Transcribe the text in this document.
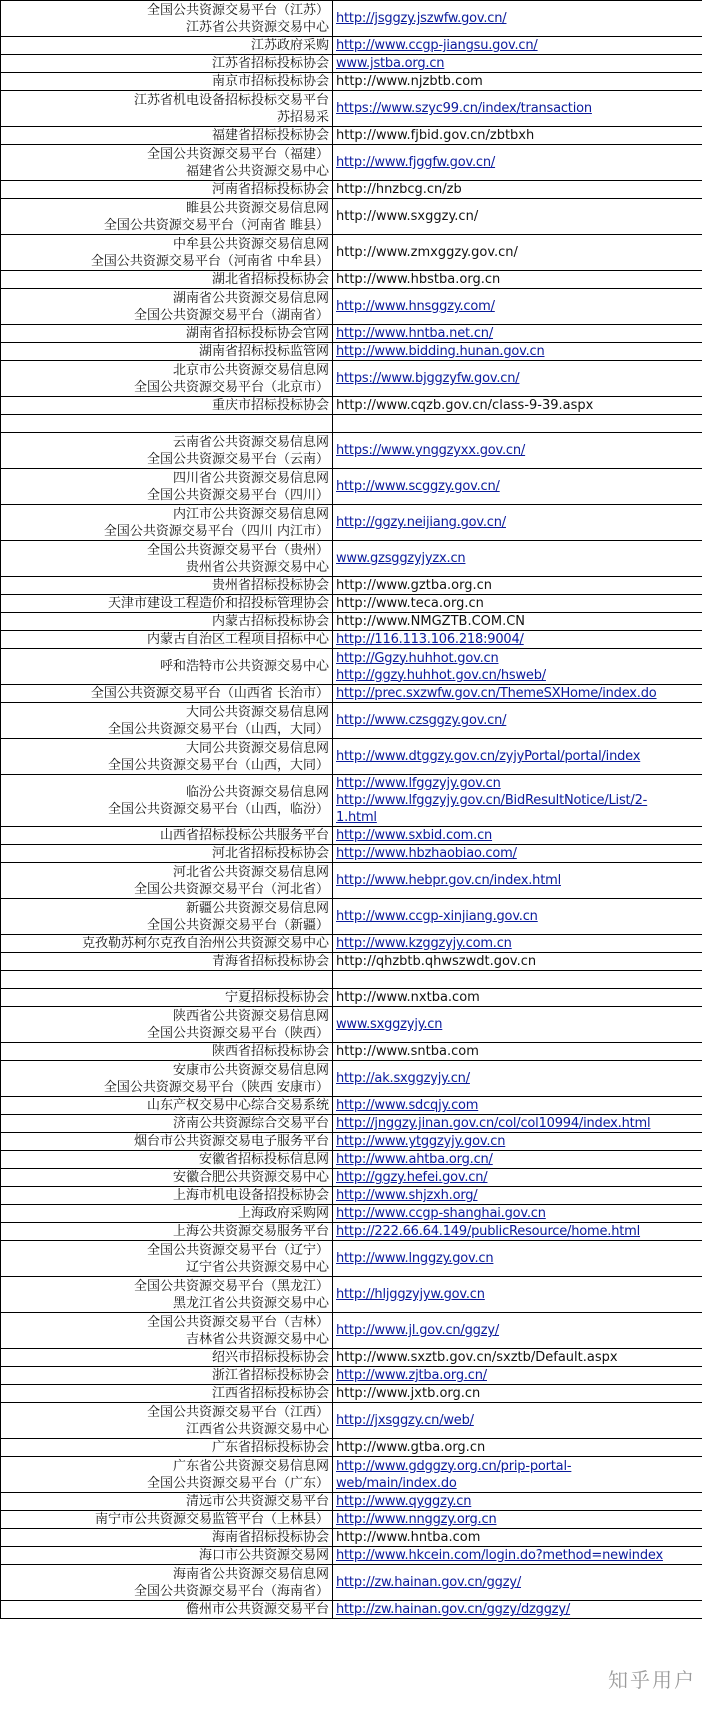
全国公共资源交易平台（江苏）
江苏省公共资源交易中心	http://jsggzy.jszwfw.gov.cn/

江苏政府采购	http://www.ccgp-jiangsu.gov.cn/

江苏省招标投标协会	www.jstba.org.cn

南京市招标投标协会	http://www.njzbtb.com

江苏省机电设备招标投标交易平台
苏招易采	https://www.szyc99.cn/index/transaction

福建省招标投标协会	http://www.fjbid.gov.cn/zbtbxh

全国公共资源交易平台（福建）
福建省公共资源交易中心	http://www.fjggfw.gov.cn/

河南省招标投标协会	http://hnzbcg.cn/zb

睢县公共资源交易信息网
全国公共资源交易平台（河南省 睢县）	http://www.sxggzy.cn/

中牟县公共资源交易信息网
全国公共资源交易平台（河南省 中牟县）	http://www.zmxggzy.gov.cn/

湖北省招标投标协会	http://www.hbstba.org.cn

湖南省公共资源交易信息网
全国公共资源交易平台（湖南省）	http://www.hnsggzy.com/

湖南省招标投标协会官网	http://www.hntba.net.cn/

湖南省招标投标监管网	http://www.bidding.hunan.gov.cn

北京市公共资源交易信息网
全国公共资源交易平台（北京市）	https://www.bjggzyfw.gov.cn/

重庆市招标投标协会	http://www.cqzb.gov.cn/class-9-39.aspx

云南省公共资源交易信息网
全国公共资源交易平台（云南）	https://www.ynggzyxx.gov.cn/

四川省公共资源交易信息网
全国公共资源交易平台（四川）	http://www.scggzy.gov.cn/

内江市公共资源交易信息网
全国公共资源交易平台（四川 内江市）	http://ggzy.neijiang.gov.cn/

全国公共资源交易平台（贵州）
贵州省公共资源交易中心	www.gzsggzyjyzx.cn

贵州省招标投标协会	http://www.gztba.org.cn

天津市建设工程造价和招投标管理协会	http://www.teca.org.cn

内蒙古招标投标协会	http://www.NMGZTB.COM.CN

内蒙古自治区工程项目招标中心	http://116.113.106.218:9004/

呼和浩特市公共资源交易中心	http://Ggzy.huhhot.gov.cn
http://ggzy.huhhot.gov.cn/hsweb/

全国公共资源交易平台（山西省 长治市）	http://prec.sxzwfw.gov.cn/ThemeSXHome/index.do

大同公共资源交易信息网
全国公共资源交易平台（山西，大同）	http://www.czsggzy.gov.cn/

大同公共资源交易信息网
全国公共资源交易平台（山西，大同）	http://www.dtggzy.gov.cn/zyjyPortal/portal/index

临汾公共资源交易信息网
全国公共资源交易平台（山西，临汾）	http://www.lfggzyjy.gov.cn
http://www.lfggzyjy.gov.cn/BidResultNotice/List/2-
1.html

山西省招标投标公共服务平台	http://www.sxbid.com.cn

河北省招标投标协会	http://www.hbzhaobiao.com/

河北省公共资源交易信息网
全国公共资源交易平台（河北省）	http://www.hebpr.gov.cn/index.html

新疆公共资源交易信息网
全国公共资源交易平台（新疆）	http://www.ccgp-xinjiang.gov.cn

克孜勒苏柯尔克孜自治州公共资源交易中心	http://www.kzggzyjy.com.cn

青海省招标投标协会	http://qhzbtb.qhwszwdt.gov.cn

宁夏招标投标协会	http://www.nxtba.com

陕西省公共资源交易信息网
全国公共资源交易平台（陕西）	www.sxggzyjy.cn

陕西省招标投标协会	http://www.sntba.com

安康市公共资源交易信息网
全国公共资源交易平台（陕西 安康市）	http://ak.sxggzyjy.cn/

山东产权交易中心综合交易系统	http://www.sdcqjy.com

济南公共资源综合交易平台	http://jnggzy.jinan.gov.cn/col/col10994/index.html

烟台市公共资源交易电子服务平台	http://www.ytggzyjy.gov.cn

安徽省招标投标信息网	http://www.ahtba.org.cn/

安徽合肥公共资源交易中心	http://ggzy.hefei.gov.cn/

上海市机电设备招投标协会	http://www.shjzxh.org/

上海政府采购网	http://www.ccgp-shanghai.gov.cn

上海公共资源交易服务平台	http://222.66.64.149/publicResource/home.html

全国公共资源交易平台（辽宁）
辽宁省公共资源交易中心	http://www.lnggzy.gov.cn

全国公共资源交易平台（黑龙江）
黑龙江省公共资源交易中心	http://hljggzyjyw.gov.cn

全国公共资源交易平台（吉林）
吉林省公共资源交易中心	http://www.jl.gov.cn/ggzy/

绍兴市招标投标协会	http://www.sxztb.gov.cn/sxztb/Default.aspx

浙江省招标投标协会	http://www.zjtba.org.cn/

江西省招标投标协会	http://www.jxtb.org.cn

全国公共资源交易平台（江西）
江西省公共资源交易中心	http://jxsggzy.cn/web/

广东省招标投标协会	http://www.gtba.org.cn

广东省公共资源交易信息网
全国公共资源交易平台（广东）	http://www.gdggzy.org.cn/prip-portal-
web/main/index.do

清远市公共资源交易平台	http://www.qyggzy.cn

南宁市公共资源交易监管平台（上林县）	http://www.nnggzy.org.cn

海南省招标投标协会	http://www.hntba.com

海口市公共资源交易网	http://www.hkcein.com/login.do?method=newindex

海南省公共资源交易信息网
全国公共资源交易平台（海南省）	http://zw.hainan.gov.cn/ggzy/

儋州市公共资源交易平台	http://zw.hainan.gov.cn/ggzy/dzggzy/
知乎用户
